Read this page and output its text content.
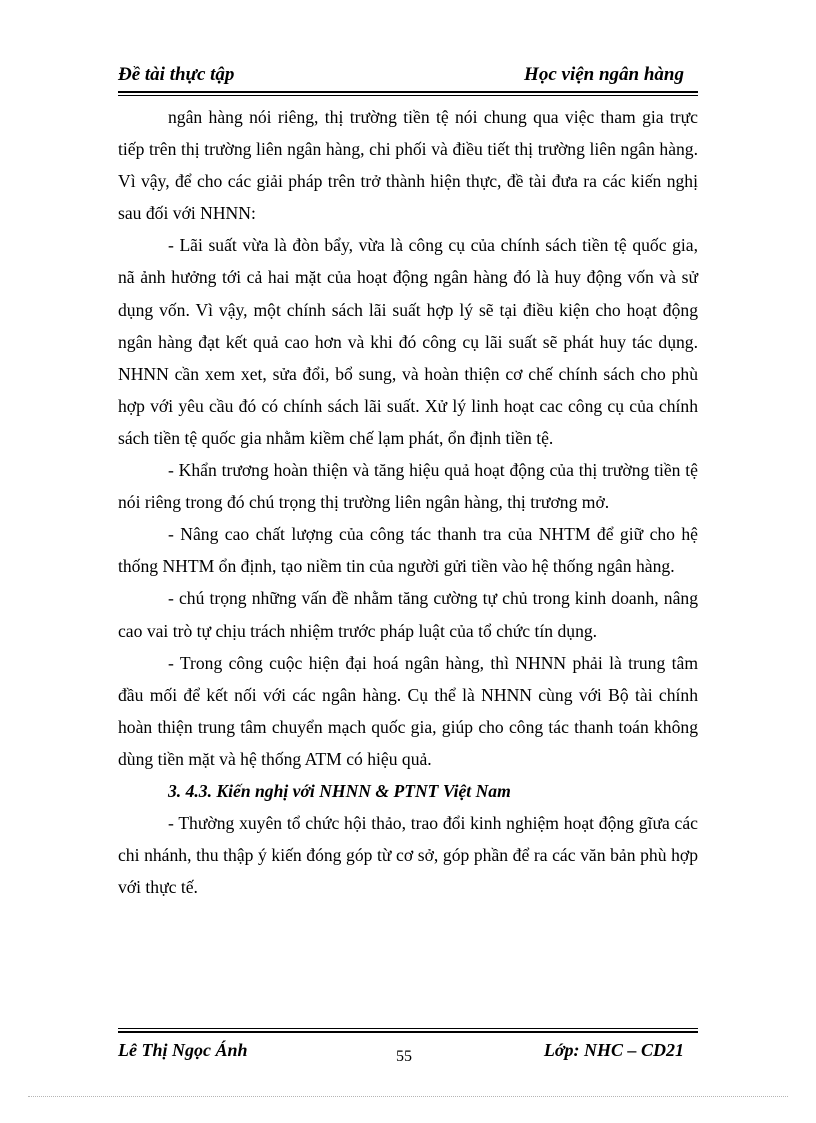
Đề tài thực tập	Học viện ngân hàng

ngân hàng nói riêng, thị trường tiền tệ nói chung qua việc tham gia trực tiếp trên thị trường liên ngân hàng, chi phối và điều tiết thị trường liên ngân hàng. Vì vậy, để cho các giải pháp trên trở thành hiện thực, đề tài đưa ra các kiến nghị sau đối với NHNN:

- Lãi suất vừa là đòn bẩy, vừa là công cụ của chính sách tiền tệ quốc gia, nã ảnh hưởng tới cả hai mặt của hoạt động ngân hàng đó là huy động vốn và sử dụng vốn. Vì vậy, một chính sách lãi suất hợp lý sẽ tại điều kiện cho hoạt động ngân hàng đạt kết quả cao hơn và khi đó công cụ lãi suất sẽ phát huy tác dụng. NHNN cần xem xet, sửa đổi, bổ sung, và hoàn thiện cơ chế chính sách cho phù hợp với yêu cầu đó có chính sách lãi suất. Xử lý linh hoạt cac công cụ của chính sách tiền tệ quốc gia nhằm kiềm chế lạm phát, ổn định tiền tệ.

- Khẩn trương hoàn thiện và tăng hiệu quả hoạt động của thị trường tiền tệ nói riêng trong đó chú trọng thị trường liên ngân hàng, thị trương mở.

- Nâng cao chất lượng của công tác thanh tra của NHTM để giữ cho hệ thống NHTM ổn định, tạo niềm tin của người gửi tiền vào hệ thống ngân hàng.

- chú trọng những vấn đề nhằm tăng cường tự chủ trong kinh doanh, nâng cao vai trò tự chịu trách nhiệm trước pháp luật của tổ chức tín dụng.

- Trong công cuộc hiện đại hoá ngân hàng, thì NHNN phải là trung tâm đầu mối để kết nối với các ngân hàng. Cụ thể là NHNN cùng với Bộ tài chính hoàn thiện trung tâm chuyển mạch quốc gia, giúp cho công tác thanh toán không dùng tiền mặt và hệ thống ATM có hiệu quả.

3. 4.3. Kiến nghị với NHNN & PTNT Việt Nam

- Thường xuyên tổ chức hội thảo, trao đổi kinh nghiệm hoạt động gĩưa các chi nhánh, thu thập ý kiến đóng góp từ cơ sở, góp phần để ra các văn bản phù hợp với thực tế.

Lê Thị Ngọc Ánh	55	Lớp: NHC – CD21
